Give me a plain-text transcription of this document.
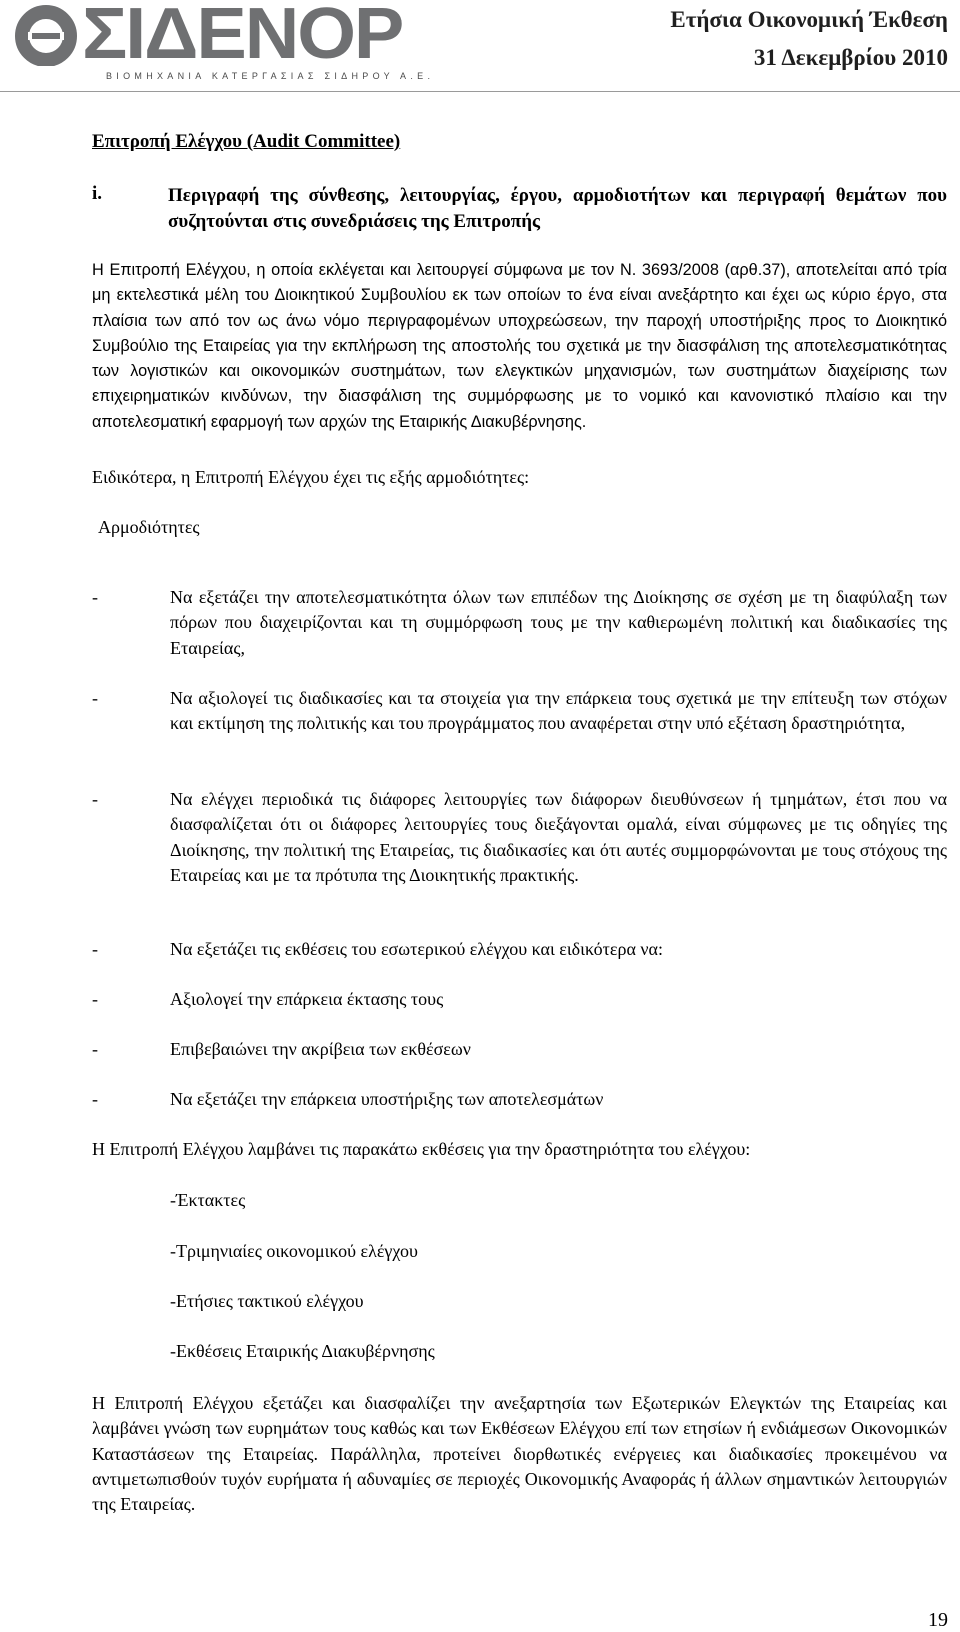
ΣΙΔΕΝΟΡ
ΒΙΟΜΗΧΑΝΙΑ ΚΑΤΕΡΓΑΣΙΑΣ ΣΙΔΗΡΟΥ Α.Ε.
Ετήσια Οικονομική Έκθεση
31 Δεκεμβρίου 2010
Επιτροπή Ελέγχου (Audit Committee)
i.	Περιγραφή της σύνθεσης, λειτουργίας, έργου, αρμοδιοτήτων και περιγραφή θεμάτων που συζητούνται στις συνεδριάσεις της Επιτροπής
Η Επιτροπή Ελέγχου, η οποία εκλέγεται και λειτουργεί σύμφωνα με τον Ν. 3693/2008 (αρθ.37), αποτελείται από τρία μη εκτελεστικά μέλη του Διοικητικού Συμβουλίου εκ των οποίων το ένα είναι ανεξάρτητο και έχει ως κύριο έργο, στα πλαίσια των από τον ως άνω νόμο περιγραφομένων υποχρεώσεων, την παροχή υποστήριξης προς το Διοικητικό Συμβούλιο της Εταιρείας για την εκπλήρωση της αποστολής του σχετικά με την διασφάλιση της αποτελεσματικότητας των λογιστικών και οικονομικών συστημάτων, των ελεγκτικών μηχανισμών, των συστημάτων διαχείρισης των επιχειρηματικών κινδύνων, την διασφάλιση της συμμόρφωσης με το νομικό και κανονιστικό πλαίσιο και την αποτελεσματική εφαρμογή των αρχών της Εταιρικής Διακυβέρνησης.
Ειδικότερα, η Επιτροπή Ελέγχου έχει τις εξής αρμοδιότητες:
Αρμοδιότητες
-	Να εξετάζει την αποτελεσματικότητα όλων των επιπέδων της Διοίκησης σε σχέση με τη διαφύλαξη των πόρων που διαχειρίζονται και τη συμμόρφωση τους με την καθιερωμένη πολιτική και διαδικασίες της Εταιρείας,
-	Να αξιολογεί τις διαδικασίες και τα στοιχεία για την επάρκεια τους σχετικά με την επίτευξη των στόχων και εκτίμηση της πολιτικής και του προγράμματος που αναφέρεται στην υπό εξέταση δραστηριότητα,
-	Να ελέγχει περιοδικά τις διάφορες λειτουργίες των διάφορων διευθύνσεων ή τμημάτων, έτσι που να διασφαλίζεται ότι οι διάφορες λειτουργίες τους διεξάγονται ομαλά, είναι σύμφωνες με τις οδηγίες της Διοίκησης, την πολιτική της Εταιρείας, τις διαδικασίες και ότι αυτές συμμορφώνονται με τους στόχους της Εταιρείας και με τα πρότυπα της Διοικητικής πρακτικής.
-	Να εξετάζει τις εκθέσεις του εσωτερικού ελέγχου και ειδικότερα να:
-	Αξιολογεί την επάρκεια έκτασης τους
-	Επιβεβαιώνει την ακρίβεια των εκθέσεων
-	Να εξετάζει την επάρκεια υποστήριξης των αποτελεσμάτων
Η Επιτροπή Ελέγχου λαμβάνει τις παρακάτω εκθέσεις για την δραστηριότητα του ελέγχου:
-Έκτακτες
-Τριμηνιαίες οικονομικού ελέγχου
-Ετήσιες τακτικού ελέγχου
-Εκθέσεις Εταιρικής Διακυβέρνησης
Η Επιτροπή Ελέγχου εξετάζει και διασφαλίζει την ανεξαρτησία των Εξωτερικών Ελεγκτών της Εταιρείας και λαμβάνει γνώση των ευρημάτων τους καθώς και των Εκθέσεων Ελέγχου επί των ετησίων ή ενδιάμεσων Οικονομικών Καταστάσεων της Εταιρείας. Παράλληλα, προτείνει διορθωτικές ενέργειες και διαδικασίες προκειμένου να αντιμετωπισθούν τυχόν ευρήματα ή αδυναμίες σε περιοχές Οικονομικής Αναφοράς ή άλλων σημαντικών λειτουργιών της Εταιρείας.
19
